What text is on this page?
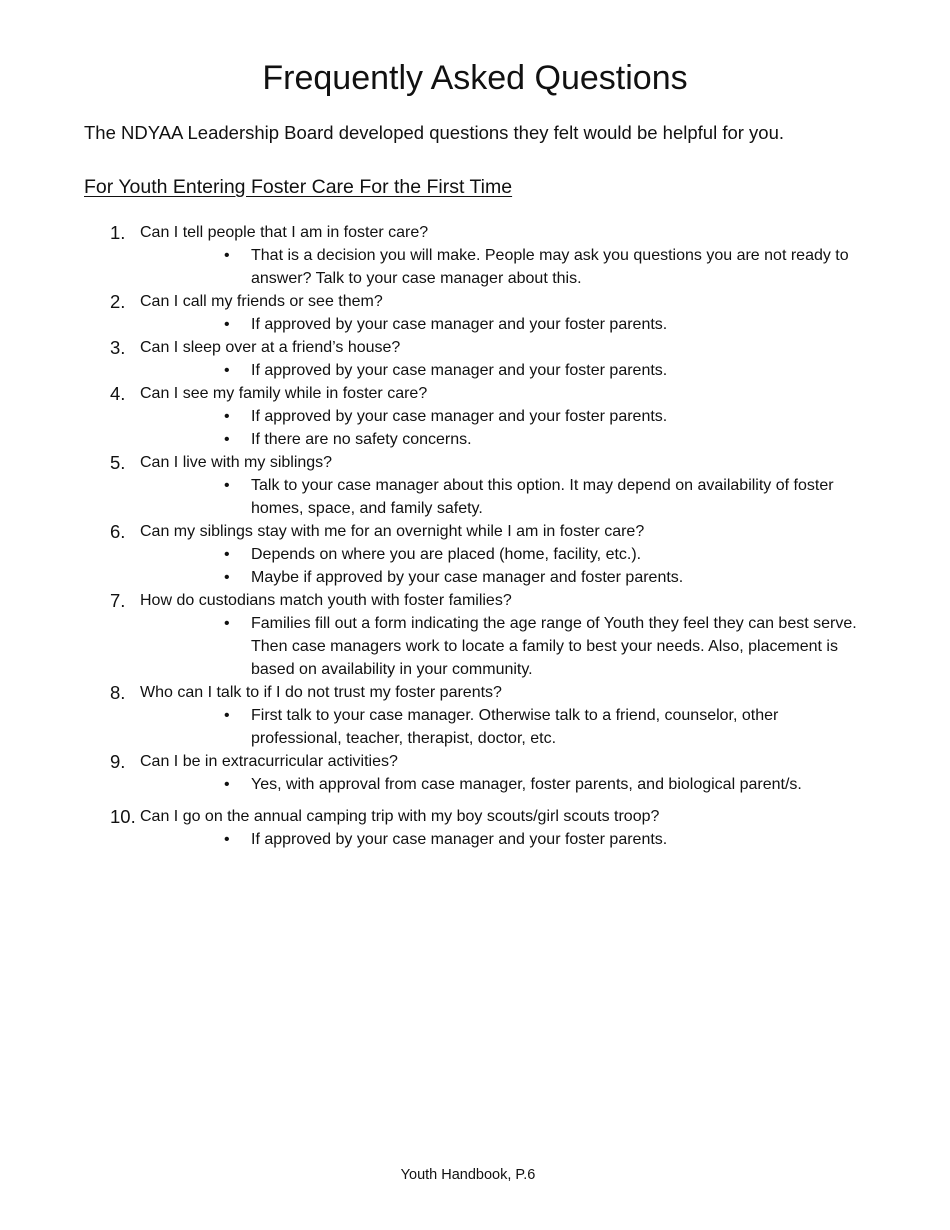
Frequently Asked Questions

The NDYAA Leadership Board developed questions they felt would be helpful for you.

For Youth Entering Foster Care For the First Time
1. Can I tell people that I am in foster care?
• That is a decision you will make. People may ask you questions you are not ready to answer? Talk to your case manager about this.
2. Can I call my friends or see them?
• If approved by your case manager and your foster parents.
3. Can I sleep over at a friend’s house?
• If approved by your case manager and your foster parents.
4. Can I see my family while in foster care?
• If approved by your case manager and your foster parents.
• If there are no safety concerns.
5. Can I live with my siblings?
• Talk to your case manager about this option. It may depend on availability of foster homes, space, and family safety.
6. Can my siblings stay with me for an overnight while I am in foster care?
• Depends on where you are placed (home, facility, etc.).
• Maybe if approved by your case manager and foster parents.
7. How do custodians match youth with foster families?
• Families fill out a form indicating the age range of Youth they feel they can best serve. Then case managers work to locate a family to best your needs. Also, placement is based on availability in your community.
8. Who can I talk to if I do not trust my foster parents?
• First talk to your case manager. Otherwise talk to a friend, counselor, other professional, teacher, therapist, doctor, etc.
9. Can I be in extracurricular activities?
• Yes, with approval from case manager, foster parents, and biological parent/s.
10. Can I go on the annual camping trip with my boy scouts/girl scouts troop?
• If approved by your case manager and your foster parents.
Youth Handbook, P.6
